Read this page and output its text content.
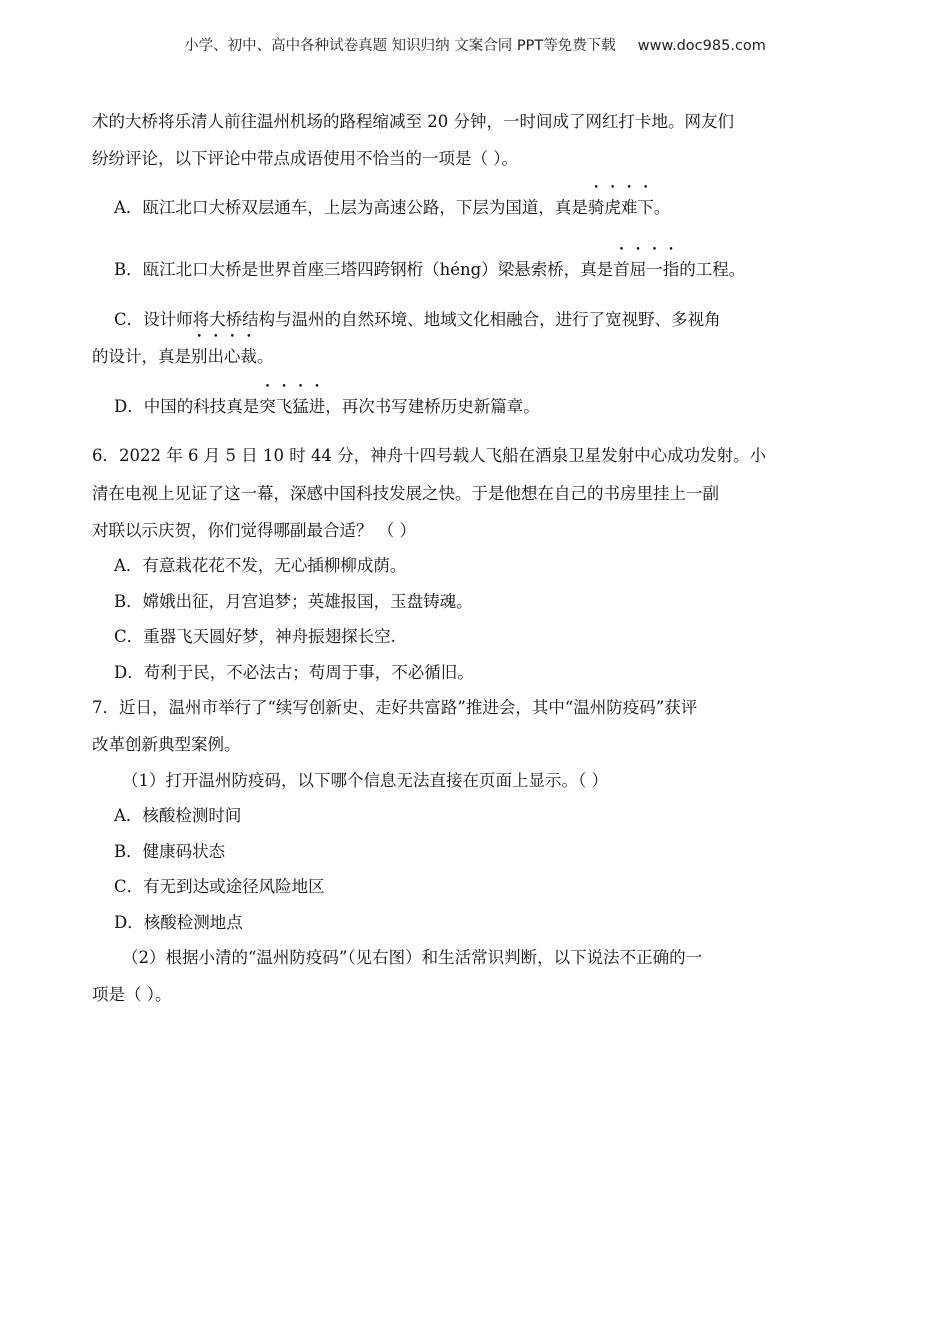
小学、初中、高中各种试卷真题 知识归纳 文案合同 PPT等免费下载 www.doc985.com
术的大桥将乐清人前往温州机场的路程缩减至 20 分钟，一时间成了网红打卡地。网友们
纷纷评论，以下评论中带点成语使用不恰当的一项是（ ）。
A．瓯江北口大桥双层通车，上层为高速公路，下层为国道，真是骑虎难下。
B．瓯江北口大桥是世界首座三塔四跨钢桁（héng）梁悬索桥，真是首屈一指的工程。
C．设计师将大桥结构与温州的自然环境、地域文化相融合，进行了宽视野、多视角
的设计，真是别出心裁。
D．中国的科技真是突飞猛进，再次书写建桥历史新篇章。
6．2022 年 6 月 5 日 10 时 44 分，神舟十四号载人飞船在酒泉卫星发射中心成功发射。小
清在电视上见证了这一幕，深感中国科技发展之快。于是他想在自己的书房里挂上一副
对联以示庆贺，你们觉得哪副最合适？ （ ）
A．有意栽花花不发，无心插柳柳成荫。
B．嫦娥出征，月宫追梦；英雄报国，玉盘铸魂。
C．重器飞天圆好梦，神舟振翅探长空.
D．苟利于民，不必法古；苟周于事，不必循旧。
7．近日，温州市举行了“续写创新史、走好共富路”推进会，其中“温州防疫码”获评
改革创新典型案例。
（1）打开温州防疫码，以下哪个信息无法直接在页面上显示。（ ）
A．核酸检测时间
B．健康码状态
C．有无到达或途径风险地区
D．核酸检测地点
（2）根据小清的“温州防疫码”（见右图）和生活常识判断，以下说法不正确的一
项是（ ）。
